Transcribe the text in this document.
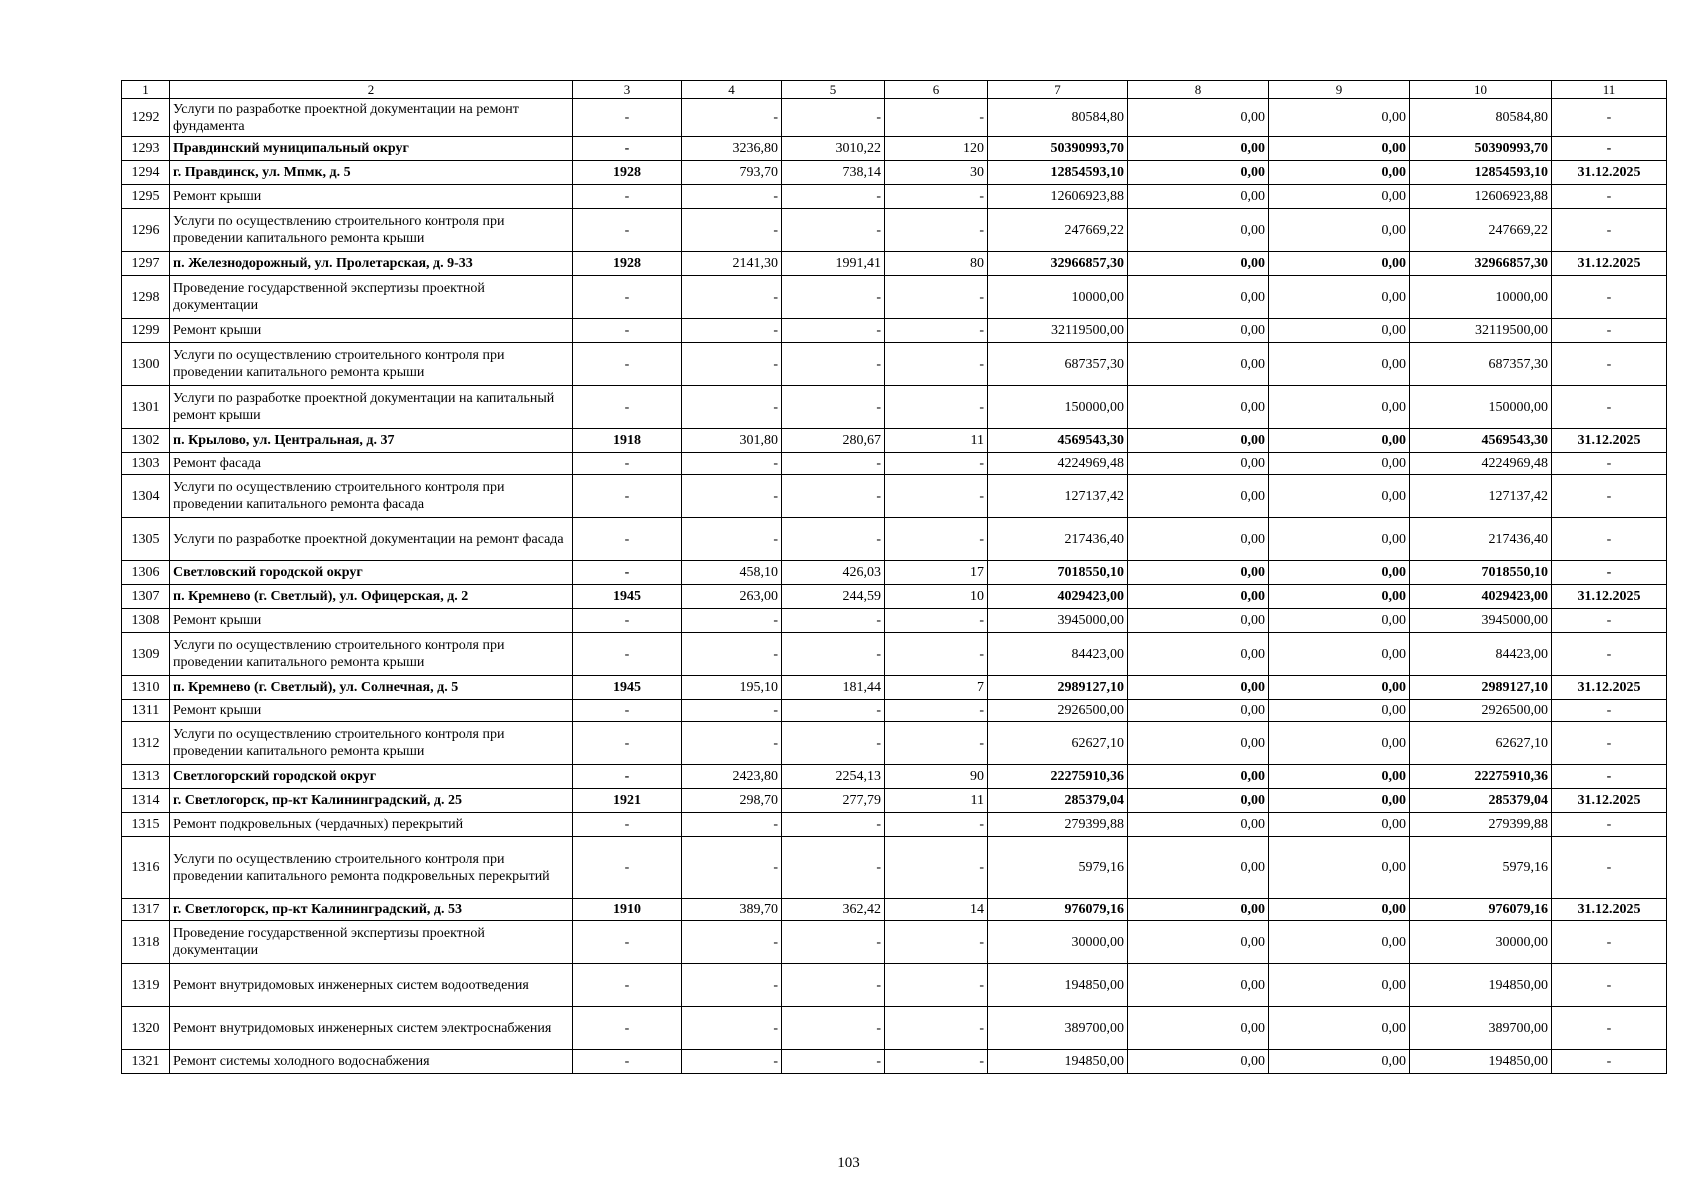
1	2	3	4	5	6	7	8	9	10	11
1292	Услуги по разработке проектной документации на ремонт фундамента	-	-	-	-	80584,80	0,00	0,00	80584,80	-
1293	Правдинский муниципальный округ	-	3236,80	3010,22	120	50390993,70	0,00	0,00	50390993,70	-
1294	г. Правдинск, ул. Мпмк, д. 5	1928	793,70	738,14	30	12854593,10	0,00	0,00	12854593,10	31.12.2025
1295	Ремонт крыши	-	-	-	-	12606923,88	0,00	0,00	12606923,88	-
1296	Услуги по осуществлению строительного контроля при проведении капитального ремонта крыши	-	-	-	-	247669,22	0,00	0,00	247669,22	-
1297	п. Железнодорожный, ул. Пролетарская, д. 9-33	1928	2141,30	1991,41	80	32966857,30	0,00	0,00	32966857,30	31.12.2025
1298	Проведение государственной экспертизы проектной документации	-	-	-	-	10000,00	0,00	0,00	10000,00	-
1299	Ремонт крыши	-	-	-	-	32119500,00	0,00	0,00	32119500,00	-
1300	Услуги по осуществлению строительного контроля при проведении капитального ремонта крыши	-	-	-	-	687357,30	0,00	0,00	687357,30	-
1301	Услуги по разработке проектной документации на капитальный ремонт крыши	-	-	-	-	150000,00	0,00	0,00	150000,00	-
1302	п. Крылово, ул. Центральная, д. 37	1918	301,80	280,67	11	4569543,30	0,00	0,00	4569543,30	31.12.2025
1303	Ремонт фасада	-	-	-	-	4224969,48	0,00	0,00	4224969,48	-
1304	Услуги по осуществлению строительного контроля при проведении капитального ремонта фасада	-	-	-	-	127137,42	0,00	0,00	127137,42	-
1305	Услуги по разработке проектной документации на ремонт фасада	-	-	-	-	217436,40	0,00	0,00	217436,40	-
1306	Светловский городской округ	-	458,10	426,03	17	7018550,10	0,00	0,00	7018550,10	-
1307	п. Кремнево (г. Светлый), ул. Офицерская, д. 2	1945	263,00	244,59	10	4029423,00	0,00	0,00	4029423,00	31.12.2025
1308	Ремонт крыши	-	-	-	-	3945000,00	0,00	0,00	3945000,00	-
1309	Услуги по осуществлению строительного контроля при проведении капитального ремонта крыши	-	-	-	-	84423,00	0,00	0,00	84423,00	-
1310	п. Кремнево (г. Светлый), ул. Солнечная, д. 5	1945	195,10	181,44	7	2989127,10	0,00	0,00	2989127,10	31.12.2025
1311	Ремонт крыши	-	-	-	-	2926500,00	0,00	0,00	2926500,00	-
1312	Услуги по осуществлению строительного контроля при проведении капитального ремонта крыши	-	-	-	-	62627,10	0,00	0,00	62627,10	-
1313	Светлогорский городской округ	-	2423,80	2254,13	90	22275910,36	0,00	0,00	22275910,36	-
1314	г. Светлогорск, пр-кт Калининградский, д. 25	1921	298,70	277,79	11	285379,04	0,00	0,00	285379,04	31.12.2025
1315	Ремонт подкровельных (чердачных) перекрытий	-	-	-	-	279399,88	0,00	0,00	279399,88	-
1316	Услуги по осуществлению строительного контроля при проведении капитального ремонта подкровельных перекрытий	-	-	-	-	5979,16	0,00	0,00	5979,16	-
1317	г. Светлогорск, пр-кт Калининградский, д. 53	1910	389,70	362,42	14	976079,16	0,00	0,00	976079,16	31.12.2025
1318	Проведение государственной экспертизы проектной документации	-	-	-	-	30000,00	0,00	0,00	30000,00	-
1319	Ремонт внутридомовых инженерных систем водоотведения	-	-	-	-	194850,00	0,00	0,00	194850,00	-
1320	Ремонт внутридомовых инженерных систем электроснабжения	-	-	-	-	389700,00	0,00	0,00	389700,00	-
1321	Ремонт системы холодного водоснабжения	-	-	-	-	194850,00	0,00	0,00	194850,00	-
103
